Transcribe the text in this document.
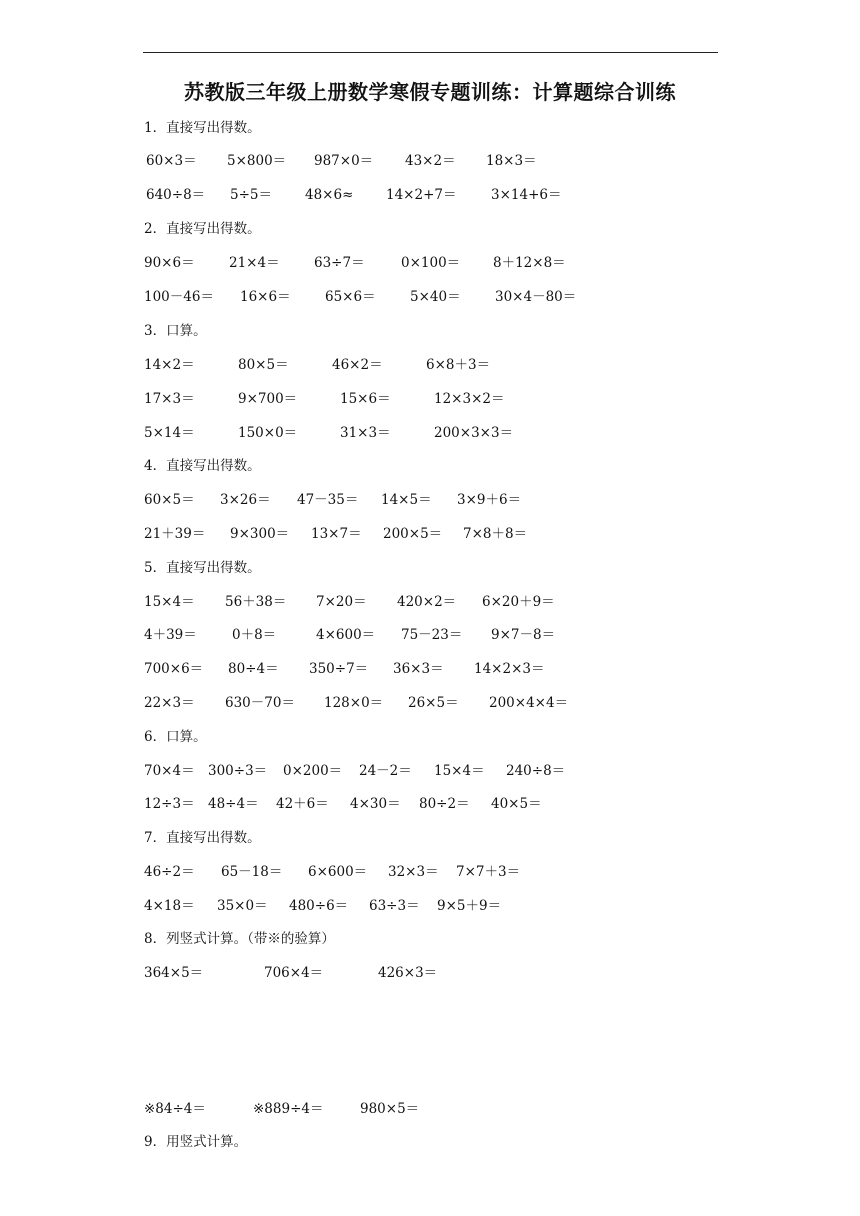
苏教版三年级上册数学寒假专题训练：计算题综合训练
1．直接写出得数。
60×3＝ 5×800＝ 987×0＝ 43×2＝ 18×3＝
640÷8＝ 5÷5＝ 48×6≈ 14×2+7＝	3×14+6＝
2．直接写出得数。
90×6＝	21×4＝	63÷7＝	0×100＝ 8＋12×8＝
100－46＝ 16×6＝	65×6＝	5×40＝	30×4－80＝
3．口算。
14×2＝	80×5＝	46×2＝	6×8＋3＝
17×3＝	9×700＝	15×6＝	12×3×2＝
5×14＝	150×0＝	31×3＝	200×3×3＝
4．直接写出得数。
60×5＝ 3×26＝ 47－35＝ 14×5＝ 3×9＋6＝
21＋39＝ 9×300＝ 13×7＝ 200×5＝ 7×8＋8＝
5．直接写出得数。
15×4＝ 56＋38＝ 7×20＝ 420×2＝ 6×20＋9＝
4＋39＝	0＋8＝	4×600＝ 75－23＝ 9×7－8＝
700×6＝ 80÷4＝ 350÷7＝ 36×3＝ 14×2×3＝
22×3＝ 630－70＝ 128×0＝ 26×5＝ 200×4×4＝
6．口算。
70×4＝ 300÷3＝ 0×200＝ 24－2＝ 15×4＝ 240÷8＝
12÷3＝ 48÷4＝ 42＋6＝ 4×30＝ 80÷2＝ 40×5＝
7．直接写出得数。
46÷2＝ 65－18＝ 6×600＝ 32×3＝ 7×7＋3＝
4×18＝ 35×0＝ 480÷6＝ 63÷3＝ 9×5＋9＝
8．列竖式计算。（带※的验算）
364×5＝	706×4＝	426×3＝
※84÷4＝	※889÷4＝	980×5＝
9．用竖式计算。
